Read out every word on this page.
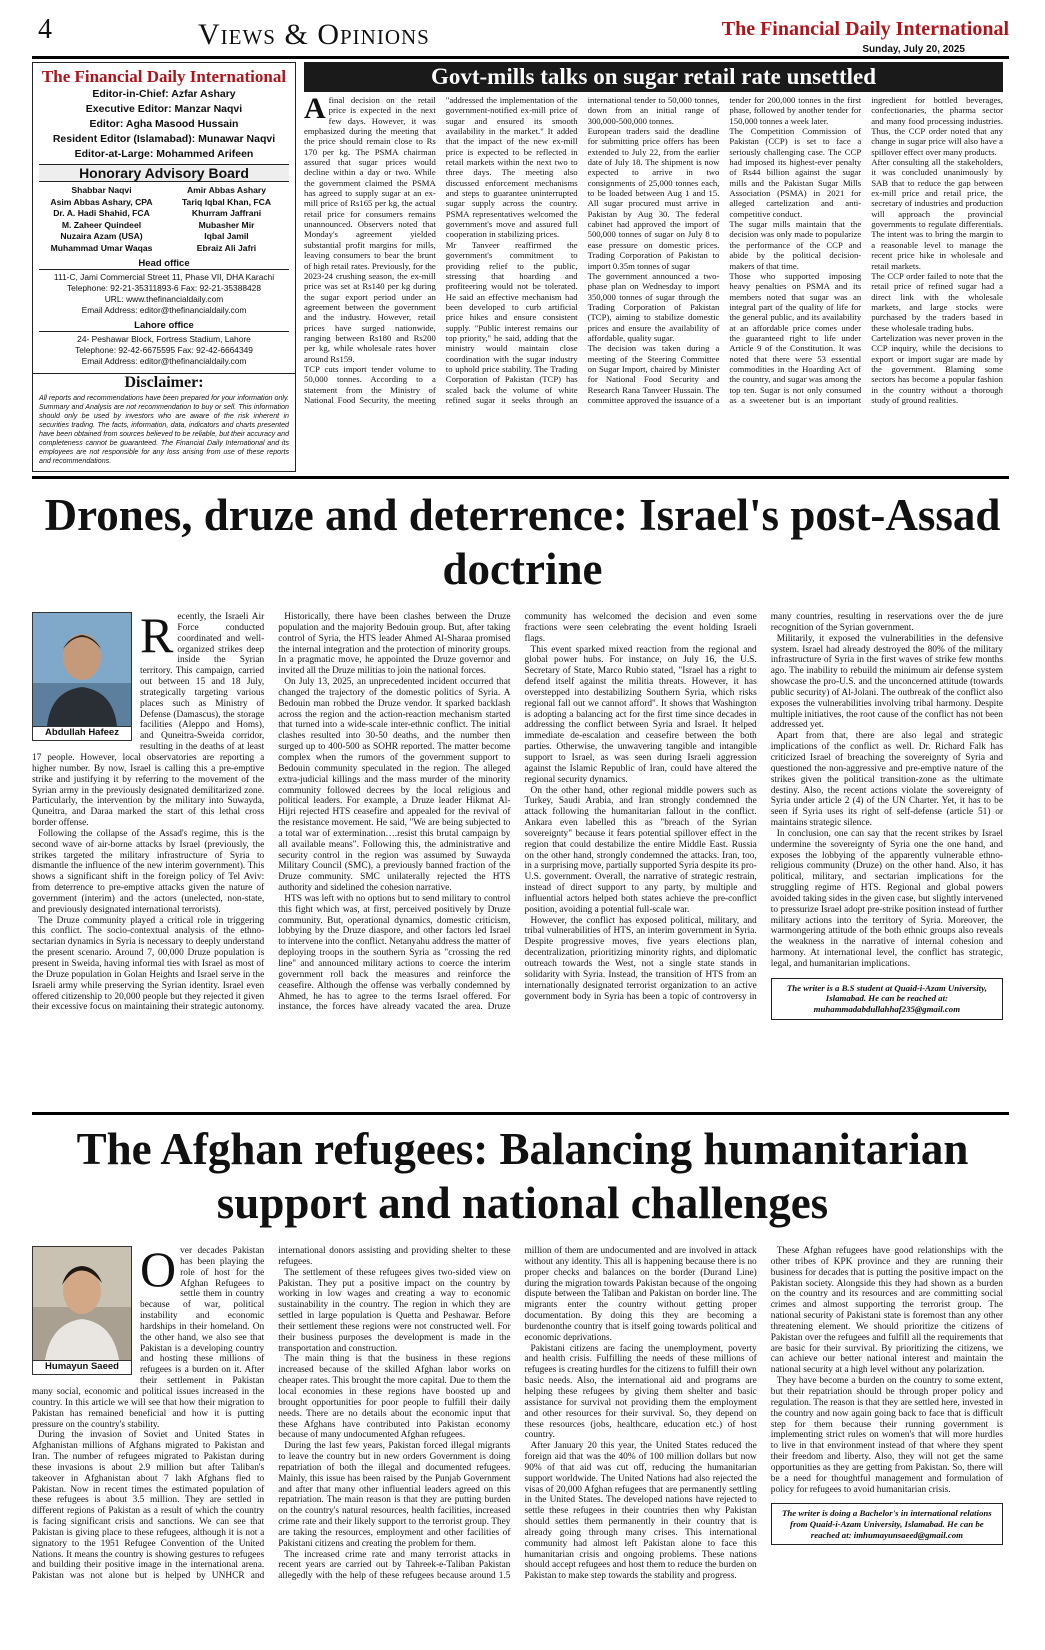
4	Views & Opinions	The Financial Daily International
Sunday, July 20, 2025
The Financial Daily International
Editor-in-Chief: Azfar Ashary
Executive Editor: Manzar Naqvi
Editor: Agha Masood Hussain
Resident Editor (Islamabad): Munawar Naqvi
Editor-at-Large: Mohammed Arifeen
Honorary Advisory Board
Shabbar Naqvi
Asim Abbas Ashary, CPA
Dr. A. Hadi Shahid, FCA
M. Zaheer Quindeel
Nuzaira Azam (USA)
Muhammad Umar Waqas
Amir Abbas Ashary
Tariq Iqbal Khan, FCA
Khurram Jaffrani
Mubasher Mir
Iqbal Jamil
Ebraiz Ali Jafri
Head office
111-C, Jami Commercial Street 11, Phase VII, DHA Karachi
Telephone: 92-21-35311893-6 Fax: 92-21-35388428
URL: www.thefinancialdaily.com
Email Address: editor@thefinancialdaily.com
Lahore office
24- Peshawar Block, Fortress Stadium, Lahore
Telephone: 92-42-6675595 Fax: 92-42-6664349
Email Address: editor@thefinancialdaily.com
Disclaimer:
All reports and recommendations have been prepared for your information only. Summary and Analysis are not recommendation to buy or sell. This information should only be used by investors who are aware of the risk inherent in securities trading. The facts, information, data, indicators and charts presented have been obtained from sources believed to be reliable, but their accuracy and completeness cannot be guaranteed. The Financial Daily International and its employees are not responsible for any loss arising from use of these reports and recommendations.
Govt-mills talks on sugar retail rate unsettled

Afinal decision on the retail price is expected in the next few days. However, it was emphasized during the meeting that the price should remain close to Rs 170 per kg. The PSMA chairman assured that sugar prices would decline within a day or two. While the government claimed the PSMA has agreed to supply sugar at an ex-mill price of Rs165 per kg, the actual retail price for consumers remains unannounced. Observers noted that Monday's agreement yielded substantial profit margins for mills, leaving consumers to bear the brunt of high retail rates. Previously, for the 2023-24 crushing season, the ex-mill price was set at Rs140 per kg during the sugar export period under an agreement between the government and the industry. However, retail prices have surged nationwide, ranging between Rs180 and Rs200 per kg, while wholesale rates hover around Rs159.

TCP cuts import tender volume to 50,000 tonnes. According to a statement from the Ministry of National Food Security, the meeting "addressed the implementation of the government-notified ex-mill price of sugar and ensured its smooth availability in the market." It added that the impact of the new ex-mill price is expected to be reflected in retail markets within the next two to three days. The meeting also discussed enforcement mechanisms and steps to guarantee uninterrupted sugar supply across the country. PSMA representatives welcomed the government's move and assured full cooperation in stabilizing prices.

Mr Tanveer reaffirmed the government's commitment to providing relief to the public, stressing that hoarding and profiteering would not be tolerated. He said an effective mechanism had been developed to curb artificial price hikes and ensure consistent supply. "Public interest remains our top priority," he said, adding that the ministry would maintain close coordination with the sugar industry to uphold price stability. The Trading Corporation of Pakistan (TCP) has scaled back the volume of white refined sugar it seeks through an international tender to 50,000 tonnes, down from an initial range of 300,000-500,000 tonnes.

European traders said the deadline for submitting price offers has been extended to July 22, from the earlier date of July 18. The shipment is now expected to arrive in two consignments of 25,000 tonnes each, to be loaded between Aug 1 and 15. All sugar procured must arrive in Pakistan by Aug 30. The federal cabinet had approved the import of 500,000 tonnes of sugar on July 8 to ease pressure on domestic prices. Trading Corporation of Pakistan to import 0.35m tonnes of sugar

The government announced a two-phase plan on Wednesday to import 350,000 tonnes of sugar through the Trading Corporation of Pakistan (TCP), aiming to stabilize domestic prices and ensure the availability of affordable, quality sugar.

The decision was taken during a meeting of the Steering Committee on Sugar Import, chaired by Minister for National Food Security and Research Rana Tanveer Hussain. The committee approved the issuance of a tender for 200,000 tonnes in the first phase, followed by another tender for 150,000 tonnes a week later.

The Competition Commission of Pakistan (CCP) is set to face a seriously challenging case. The CCP had imposed its highest-ever penalty of Rs44 billion against the sugar mills and the Pakistan Sugar Mills Association (PSMA) in 2021 for alleged cartelization and anti-competitive conduct.

The sugar mills maintain that the decision was only made to popularize the performance of the CCP and abide by the political decision-makers of that time.

Those who supported imposing heavy penalties on PSMA and its members noted that sugar was an integral part of the quality of life for the general public, and its availability at an affordable price comes under the guaranteed right to life under Article 9 of the Constitution. It was noted that there were 53 essential commodities in the Hoarding Act of the country, and sugar was among the top ten. Sugar is not only consumed as a sweetener but is an important ingredient for bottled beverages, confectionaries, the pharma sector and many food processing industries. Thus, the CCP order noted that any change in sugar price will also have a spillover effect over many products.

After consulting all the stakeholders, it was concluded unanimously by SAB that to reduce the gap between ex-mill price and retail price, the secretary of industries and production will approach the provincial governments to regulate differentials. The intent was to bring the margin to a reasonable level to manage the recent price hike in wholesale and retail markets.

The CCP order failed to note that the retail price of refined sugar had a direct link with the wholesale markets, and large stocks were purchased by the traders based in these wholesale trading hubs.

Cartelization was never proven in the CCP inquiry, while the decisions to export or import sugar are made by the government. Blaming some sectors has become a popular fashion in the country without a thorough study of ground realities.

Drones, druze and deterrence: Israel's post-Assad doctrine

Abdullah Hafeez
R ecently, the Israeli Air Force conducted coordinated and well-organized strikes deep inside the Syrian territory. This campaign, carried out between 15 and 18 July, strategically targeting various places such as Ministry of Defense (Damascus), the storage facilities (Aleppo and Homs), and Quneitra-Sweida corridor, resulting in the deaths of at least 17 people. However, local observatories are reporting a higher number. By now, Israel is calling this a pre-emptive strike and justifying it by referring to the movement of the Syrian army in the previously designated demilitarized zone. Particularly, the intervention by the military into Suwayda, Quneitra, and Daraa marked the start of this lethal cross border offense.

Following the collapse of the Assad's regime, this is the second wave of air-borne attacks by Israel (previously, the strikes targeted the military infrastructure of Syria to dismantle the influence of the new interim government). This shows a significant shift in the foreign policy of Tel Aviv: from deterrence to pre-emptive attacks given the nature of government (interim) and the actors (unelected, non-state, and previously designated international terrorists).

The Druze community played a critical role in triggering this conflict. The socio-contextual analysis of the ethno-sectarian dynamics in Syria is necessary to deeply understand the present scenario. Around 7, 00,000 Druze population is present in Sweida, having informal ties with Israel as most of the Druze population in Golan Heights and Israel serve in the Israeli army while preserving the Syrian identity. Israel even offered citizenship to 20,000 people but they rejected it given their excessive focus on maintaining their strategic autonomy.

Historically, there have been clashes between the Druze population and the majority Bedouin group. But, after taking control of Syria, the HTS leader Ahmed Al-Sharaa promised the internal integration and the protection of minority groups. In a pragmatic move, he appointed the Druze governor and invited all the Druze militias to join the national forces.

On July 13, 2025, an unprecedented incident occurred that changed the trajectory of the domestic politics of Syria. A Bedouin man robbed the Druze vendor. It sparked backlash across the region and the action-reaction mechanism started that turned into a wide-scale inter-ethnic conflict. The initial clashes resulted into 30-50 deaths, and the number then surged up to 400-500 as SOHR reported. The matter become complex when the rumors of the government support to Bedouin community speculated in the region. The alleged extra-judicial killings and the mass murder of the minority community followed decrees by the local religious and political leaders. For example, a Druze leader Hikmat Al-Hijri rejected HTS ceasefire and appealed for the revival of the resistance movement. He said, "We are being subjected to a total war of extermination….resist this brutal campaign by all available means". Following this, the administrative and security control in the region was assumed by Suwayda Military Council (SMC), a previously banned fraction of the Druze community. SMC unilaterally rejected the HTS authority and sidelined the cohesion narrative.

HTS was left with no options but to send military to control this fight which was, at first, perceived positively by Druze community. But, operational dynamics, domestic criticism, lobbying by the Druze diaspore, and other factors led Israel to intervene into the conflict. Netanyahu address the matter of deploying troops in the southern Syria as "crossing the red line" and announced military actions to coerce the interim government roll back the measures and reinforce the ceasefire. Although the offense was verbally condemned by Ahmed, he has to agree to the terms Israel offered. For instance, the forces have already vacated the area. Druze community has welcomed the decision and even some fractions were seen celebrating the event holding Israeli flags.

This event sparked mixed reaction from the regional and global power hubs. For instance, on July 16, the U.S. Secretary of State, Marco Rubio stated, "Israel has a right to defend itself against the militia threats. However, it has overstepped into destabilizing Southern Syria, which risks regional fall out we cannot afford". It shows that Washington is adopting a balancing act for the first time since decades in addressing the conflict between Syria and Israel. It helped immediate de-escalation and ceasefire between the both parties. Otherwise, the unwavering tangible and intangible support to Israel, as was seen during Israeli aggression against the Islamic Republic of Iran, could have altered the regional security dynamics.

On the other hand, other regional middle powers such as Turkey, Saudi Arabia, and Iran strongly condemned the attack following the humanitarian fallout in the conflict. Ankara even labelled this as "breach of the Syrian sovereignty" because it fears potential spillover effect in the region that could destabilize the entire Middle East. Russia on the other hand, strongly condemned the attacks. Iran, too, in a surprising move, partially supported Syria despite its pro-U.S. government. Overall, the narrative of strategic restrain, instead of direct support to any party, by multiple and influential actors helped both states achieve the pre-conflict position, avoiding a potential full-scale war.

However, the conflict has exposed political, military, and tribal vulnerabilities of HTS, an interim government in Syria. Despite progressive moves, five years elections plan, decentralization, prioritizing minority rights, and diplomatic outreach towards the West, not a single state stands in solidarity with Syria. Instead, the transition of HTS from an internationally designated terrorist organization to an active government body in Syria has been a topic of controversy in many countries, resulting in reservations over the de jure recognition of the Syrian government.

Militarily, it exposed the vulnerabilities in the defensive system. Israel had already destroyed the 80% of the military infrastructure of Syria in the first waves of strike few months ago. The inability to rebuild the minimum air defense system showcase the pro-U.S. and the unconcerned attitude (towards public security) of Al-Jolani. The outbreak of the conflict also exposes the vulnerabilities involving tribal harmony. Despite multiple initiatives, the root cause of the conflict has not been addressed yet.

Apart from that, there are also legal and strategic implications of the conflict as well. Dr. Richard Falk has criticized Israel of breaching the sovereignty of Syria and questioned the non-aggressive and pre-emptive nature of the strikes given the political transition-zone as the ultimate destiny. Also, the recent actions violate the sovereignty of Syria under article 2 (4) of the UN Charter. Yet, it has to be seen if Syria uses its right of self-defense (article 51) or maintains strategic silence.

In conclusion, one can say that the recent strikes by Israel undermine the sovereignty of Syria one the one hand, and exposes the lobbying of the apparently vulnerable ethno-religious community (Druze) on the other hand. Also, it has political, military, and sectarian implications for the struggling regime of HTS. Regional and global powers avoided taking sides in the given case, but slightly intervened to pressurize Israel adopt pre-strike position instead of further military actions into the territory of Syria. Moreover, the warmongering attitude of the both ethnic groups also reveals the weakness in the narrative of internal cohesion and harmony. At international level, the conflict has strategic, legal, and humanitarian implications.

The writer is a B.S student at Quaid-i-Azam University, Islamabad. He can be reached at: muhammadabdullahhaf235@gmail.com
The Afghan refugees: Balancing humanitarian support and national challenges

Humayun Saeed
O ver decades Pakistan has been playing the role of host for the Afghan Refugees to settle them in country because of war, political instability and economic hardships in their homeland. On the other hand, we also see that Pakistan is a developing country and hosting these millions of refugees is a burden on it. After their settlement in Pakistan many social, economic and political issues increased in the country. In this article we will see that how their migration to Pakistan has remained beneficial and how it is putting pressure on the country's stability.

During the invasion of Soviet and United States in Afghanistan millions of Afghans migrated to Pakistan and Iran. The number of refugees migrated to Pakistan during these invasions is about 2.9 million but after Taliban's takeover in Afghanistan about 7 lakh Afghans fled to Pakistan. Now in recent times the estimated population of these refugees is about 3.5 million. They are settled in different regions of Pakistan as a result of which the country is facing significant crisis and sanctions. We can see that Pakistan is giving place to these refugees, although it is not a signatory to the 1951 Refugee Convention of the United Nations. It means the country is showing gestures to refugees and building their positive image in the international arena. Pakistan was not alone but is helped by UNHCR and international donors assisting and providing shelter to these refugees.

The settlement of these refugees gives two-sided view on Pakistan. They put a positive impact on the country by working in low wages and creating a way to economic sustainability in the country. The region in which they are settled in large population is Quetta and Peshawar. Before their settlement these regions were not constructed well. For their business purposes the development is made in the transportation and construction.

The main thing is that the business in these regions increased because of the skilled Afghan labor works on cheaper rates. This brought the more capital. Due to them the local economies in these regions have boosted up and brought opportunities for poor people to fulfill their daily needs. There are no details about the economic input that these Afghans have contributed into Pakistan economy because of many undocumented Afghan refugees.

During the last few years, Pakistan forced illegal migrants to leave the country but in new orders Government is doing repatriation of both the illegal and documented refugees. Mainly, this issue has been raised by the Punjab Government and after that many other influential leaders agreed on this repatriation. The main reason is that they are putting burden on the country's natural resources, health facilities, increased crime rate and their likely support to the terrorist group. They are taking the resources, employment and other facilities of Pakistani citizens and creating the problem for them.

The increased crime rate and many terrorist attacks in recent years are carried out by Tahreek-e-Taliban Pakistan allegedly with the help of these refugees because around 1.5 million of them are undocumented and are involved in attack without any identity. This all is happening because there is no proper checks and balances on the border (Durand Line) during the migration towards Pakistan because of the ongoing dispute between the Taliban and Pakistan on border line. The migrants enter the country without getting proper documentation. By doing this they are becoming a burdenonthe country that is itself going towards political and economic deprivations.

Pakistani citizens are facing the unemployment, poverty and health crisis. Fulfilling the needs of these millions of refugees is creating hurdles for the citizens to fulfill their own basic needs. Also, the international aid and programs are helping these refugees by giving them shelter and basic assistance for survival not providing them the employment and other resources for their survival. So, they depend on these resources (jobs, healthcare, education etc.) of host country.

After January 20 this year, the United States reduced the foreign aid that was the 40% of 100 million dollars but now 90% of that aid was cut off, reducing the humanitarian support worldwide. The United Nations had also rejected the visas of 20,000 Afghan refugees that are permanently settling in the United States. The developed nations have rejected to settle these refugees in their countries then why Pakistan should settles them permanently in their country that is already going through many crises. This international community had almost left Pakistan alone to face this humanitarian crisis and ongoing problems. These nations should accept refugees and host them to reduce the burden on Pakistan to make step towards the stability and progress.

These Afghan refugees have good relationships with the other tribes of KPK province and they are running their business for decades that is putting the positive impact on the Pakistan society. Alongside this they had shown as a burden on the country and its resources and are committing social crimes and almost supporting the terrorist group. The national security of Pakistani state is foremost than any other threatening element. We should prioritize the citizens of Pakistan over the refugees and fulfill all the requirements that are basic for their survival. By prioritizing the citizens, we can achieve our better national interest and maintain the national security at a high level without any polarization.

They have become a burden on the country to some extent, but their repatriation should be through proper policy and regulation. The reason is that they are settled here, invested in the country and now again going back to face that is difficult step for them because their running government is implementing strict rules on women's that will more hurdles to live in that environment instead of that where they spent their freedom and liberty. Also, they will not get the same opportunities as they are getting from Pakistan. So, there will be a need for thoughtful management and formulation of policy for refugees to avoid humanitarian crisis.

The writer is doing a Bachelor's in international relations from Quaid-i-Azam University, Islamabad. He can be reached at: imhumayunsaeed@gmail.com
